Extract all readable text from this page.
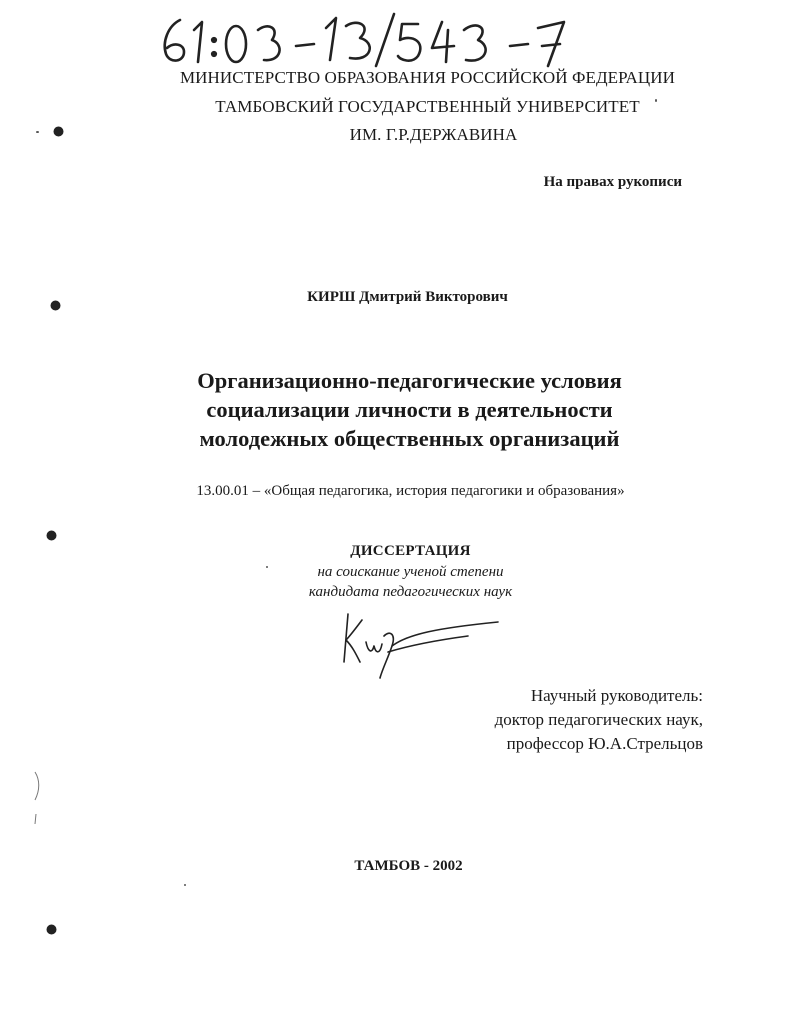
МИНИСТЕРСТВО ОБРАЗОВАНИЯ РОССИЙСКОЙ ФЕДЕРАЦИИ
ТАМБОВСКИЙ ГОСУДАРСТВЕННЫЙ УНИВЕРСИТЕТ
ИМ. Г.Р.ДЕРЖАВИНА
На правах рукописи
КИРШ Дмитрий Викторович
Организационно-педагогические условия
социализации личности в деятельности
молодежных общественных организаций
13.00.01 – «Общая педагогика, история педагогики и образования»
ДИССЕРТАЦИЯ
на соискание ученой степени
кандидата педагогических наук
Научный руководитель:
доктор педагогических наук,
профессор Ю.А.Стрельцов
ТАМБОВ - 2002
